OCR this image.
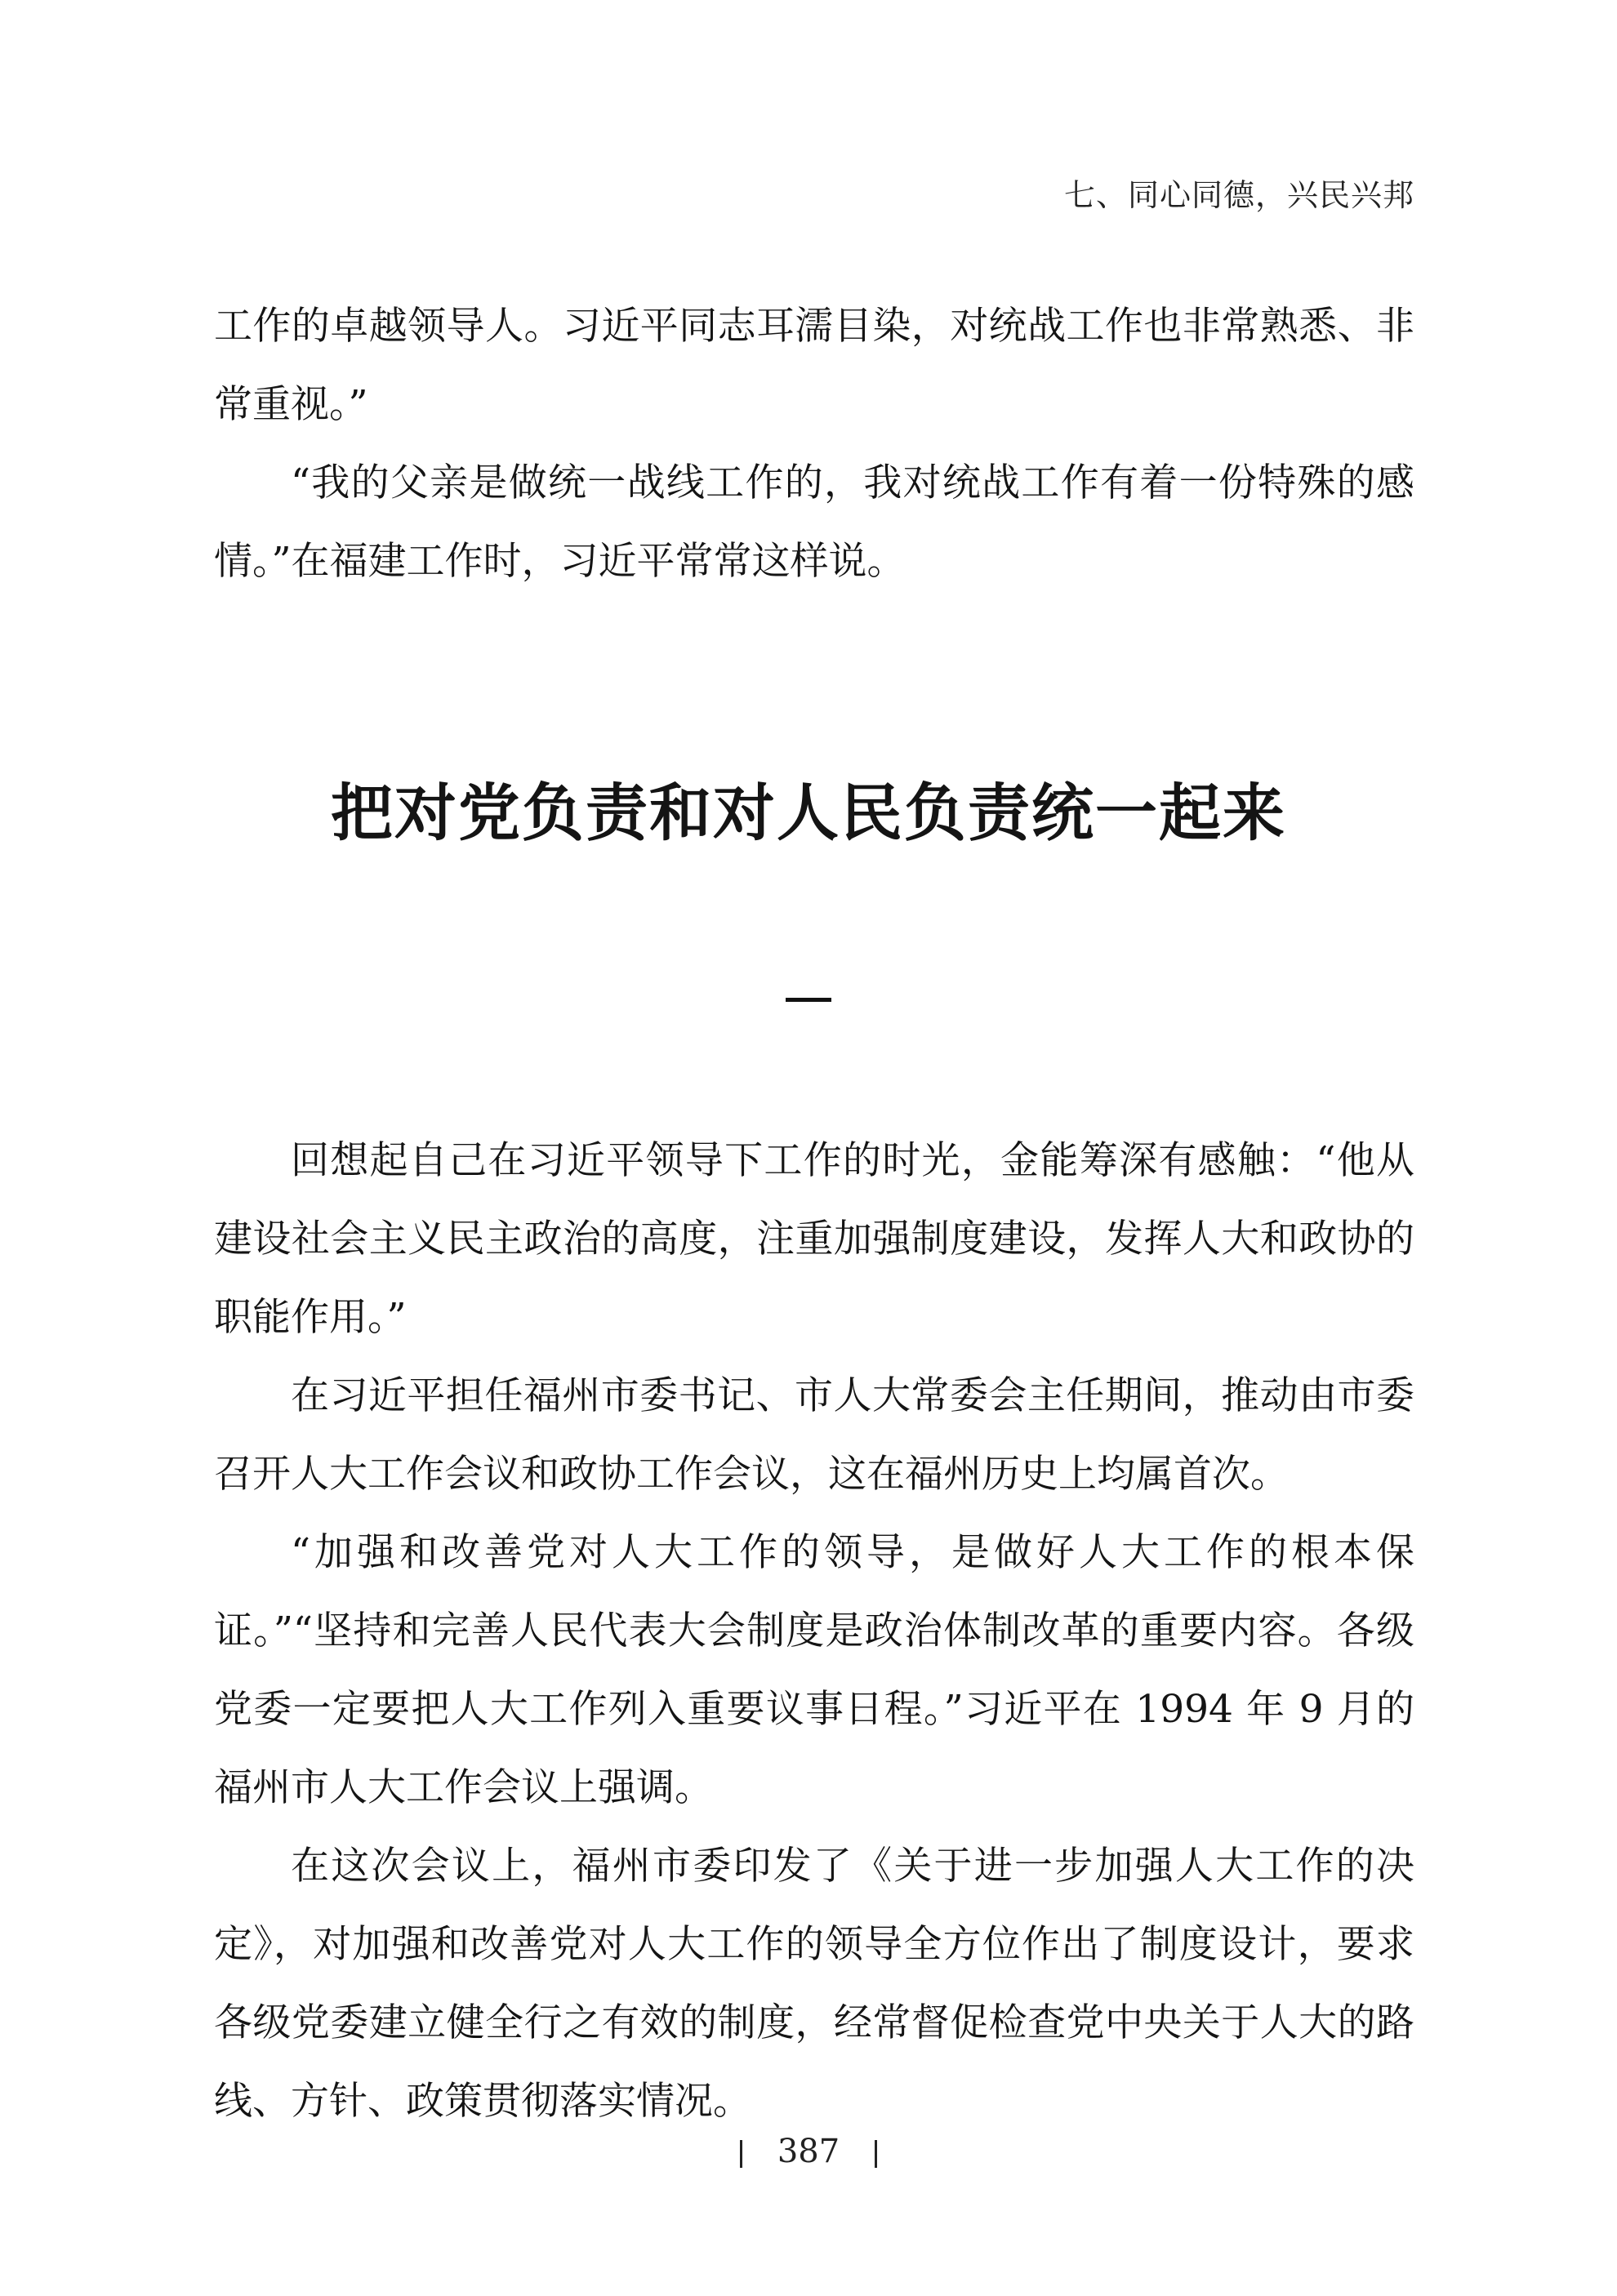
七、同心同德，兴民兴邦

工作的卓越领导人。习近平同志耳濡目染，对统战工作也非常熟悉、非常重视。”

“我的父亲是做统一战线工作的，我对统战工作有着一份特殊的感情。”在福建工作时，习近平常常这样说。

把对党负责和对人民负责统一起来

回想起自己在习近平领导下工作的时光，金能筹深有感触：“他从建设社会主义民主政治的高度，注重加强制度建设，发挥人大和政协的职能作用。”

在习近平担任福州市委书记、市人大常委会主任期间，推动由市委召开人大工作会议和政协工作会议，这在福州历史上均属首次。

“加强和改善党对人大工作的领导，是做好人大工作的根本保证。”“坚持和完善人民代表大会制度是政治体制改革的重要内容。各级党委一定要把人大工作列入重要议事日程。”习近平在 1994 年 9 月的福州市人大工作会议上强调。

在这次会议上，福州市委印发了《关于进一步加强人大工作的决定》，对加强和改善党对人大工作的领导全方位作出了制度设计，要求各级党委建立健全行之有效的制度，经常督促检查党中央关于人大的路线、方针、政策贯彻落实情况。

387
